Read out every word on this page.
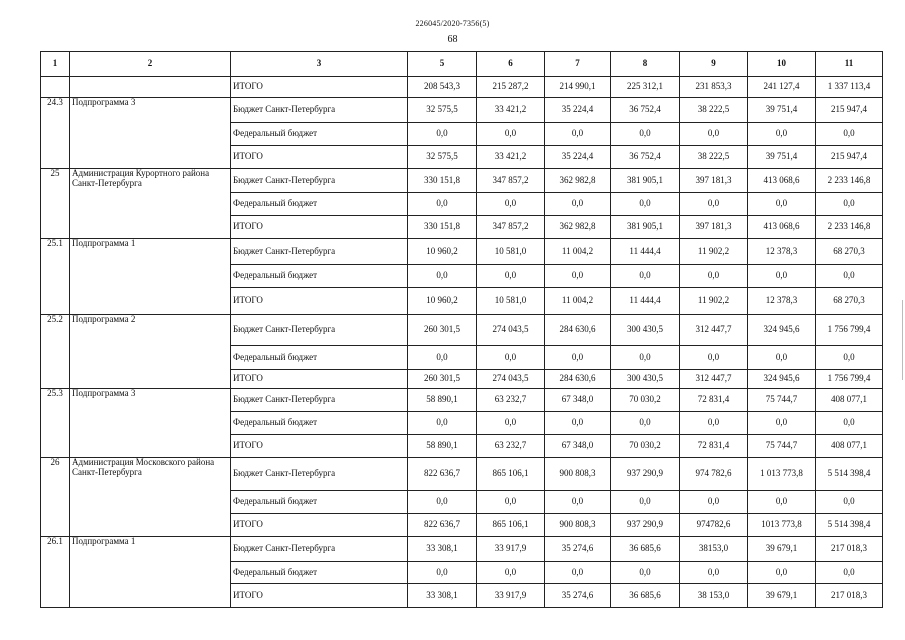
226045/2020-7356(5)
68
1	2	3	5	6	7	8	9	10	11
		ИТОГО	208 543,3	215 287,2	214 990,1	225 312,1	231 853,3	241 127,4	1 337 113,4
24.3	Подпрограмма 3	Бюджет Санкт-Петербурга	32 575,5	33 421,2	35 224,4	36 752,4	38 222,5	39 751,4	215 947,4
		Федеральный бюджет	0,0	0,0	0,0	0,0	0,0	0,0	0,0
		ИТОГО	32 575,5	33 421,2	35 224,4	36 752,4	38 222,5	39 751,4	215 947,4
25	Администрация Курортного района Санкт-Петербурга	Бюджет Санкт-Петербурга	330 151,8	347 857,2	362 982,8	381 905,1	397 181,3	413 068,6	2 233 146,8
		Федеральный бюджет	0,0	0,0	0,0	0,0	0,0	0,0	0,0
		ИТОГО	330 151,8	347 857,2	362 982,8	381 905,1	397 181,3	413 068,6	2 233 146,8
25.1	Подпрограмма 1	Бюджет Санкт-Петербурга	10 960,2	10 581,0	11 004,2	11 444,4	11 902,2	12 378,3	68 270,3
		Федеральный бюджет	0,0	0,0	0,0	0,0	0,0	0,0	0,0
		ИТОГО	10 960,2	10 581,0	11 004,2	11 444,4	11 902,2	12 378,3	68 270,3
25.2	Подпрограмма 2	Бюджет Санкт-Петербурга	260 301,5	274 043,5	284 630,6	300 430,5	312 447,7	324 945,6	1 756 799,4
		Федеральный бюджет	0,0	0,0	0,0	0,0	0,0	0,0	0,0
		ИТОГО	260 301,5	274 043,5	284 630,6	300 430,5	312 447,7	324 945,6	1 756 799,4
25.3	Подпрограмма 3	Бюджет Санкт-Петербурга	58 890,1	63 232,7	67 348,0	70 030,2	72 831,4	75 744,7	408 077,1
		Федеральный бюджет	0,0	0,0	0,0	0,0	0,0	0,0	0,0
		ИТОГО	58 890,1	63 232,7	67 348,0	70 030,2	72 831,4	75 744,7	408 077,1
26	Администрация Московского района Санкт-Петербурга	Бюджет Санкт-Петербурга	822 636,7	865 106,1	900 808,3	937 290,9	974 782,6	1 013 773,8	5 514 398,4
		Федеральный бюджет	0,0	0,0	0,0	0,0	0,0	0,0	0,0
		ИТОГО	822 636,7	865 106,1	900 808,3	937 290,9	974782,6	1013 773,8	5 514 398,4
26.1	Подпрограмма 1	Бюджет Санкт-Петербурга	33 308,1	33 917,9	35 274,6	36 685,6	38153,0	39 679,1	217 018,3
		Федеральный бюджет	0,0	0,0	0,0	0,0	0,0	0,0	0,0
		ИТОГО	33 308,1	33 917,9	35 274,6	36 685,6	38 153,0	39 679,1	217 018,3
